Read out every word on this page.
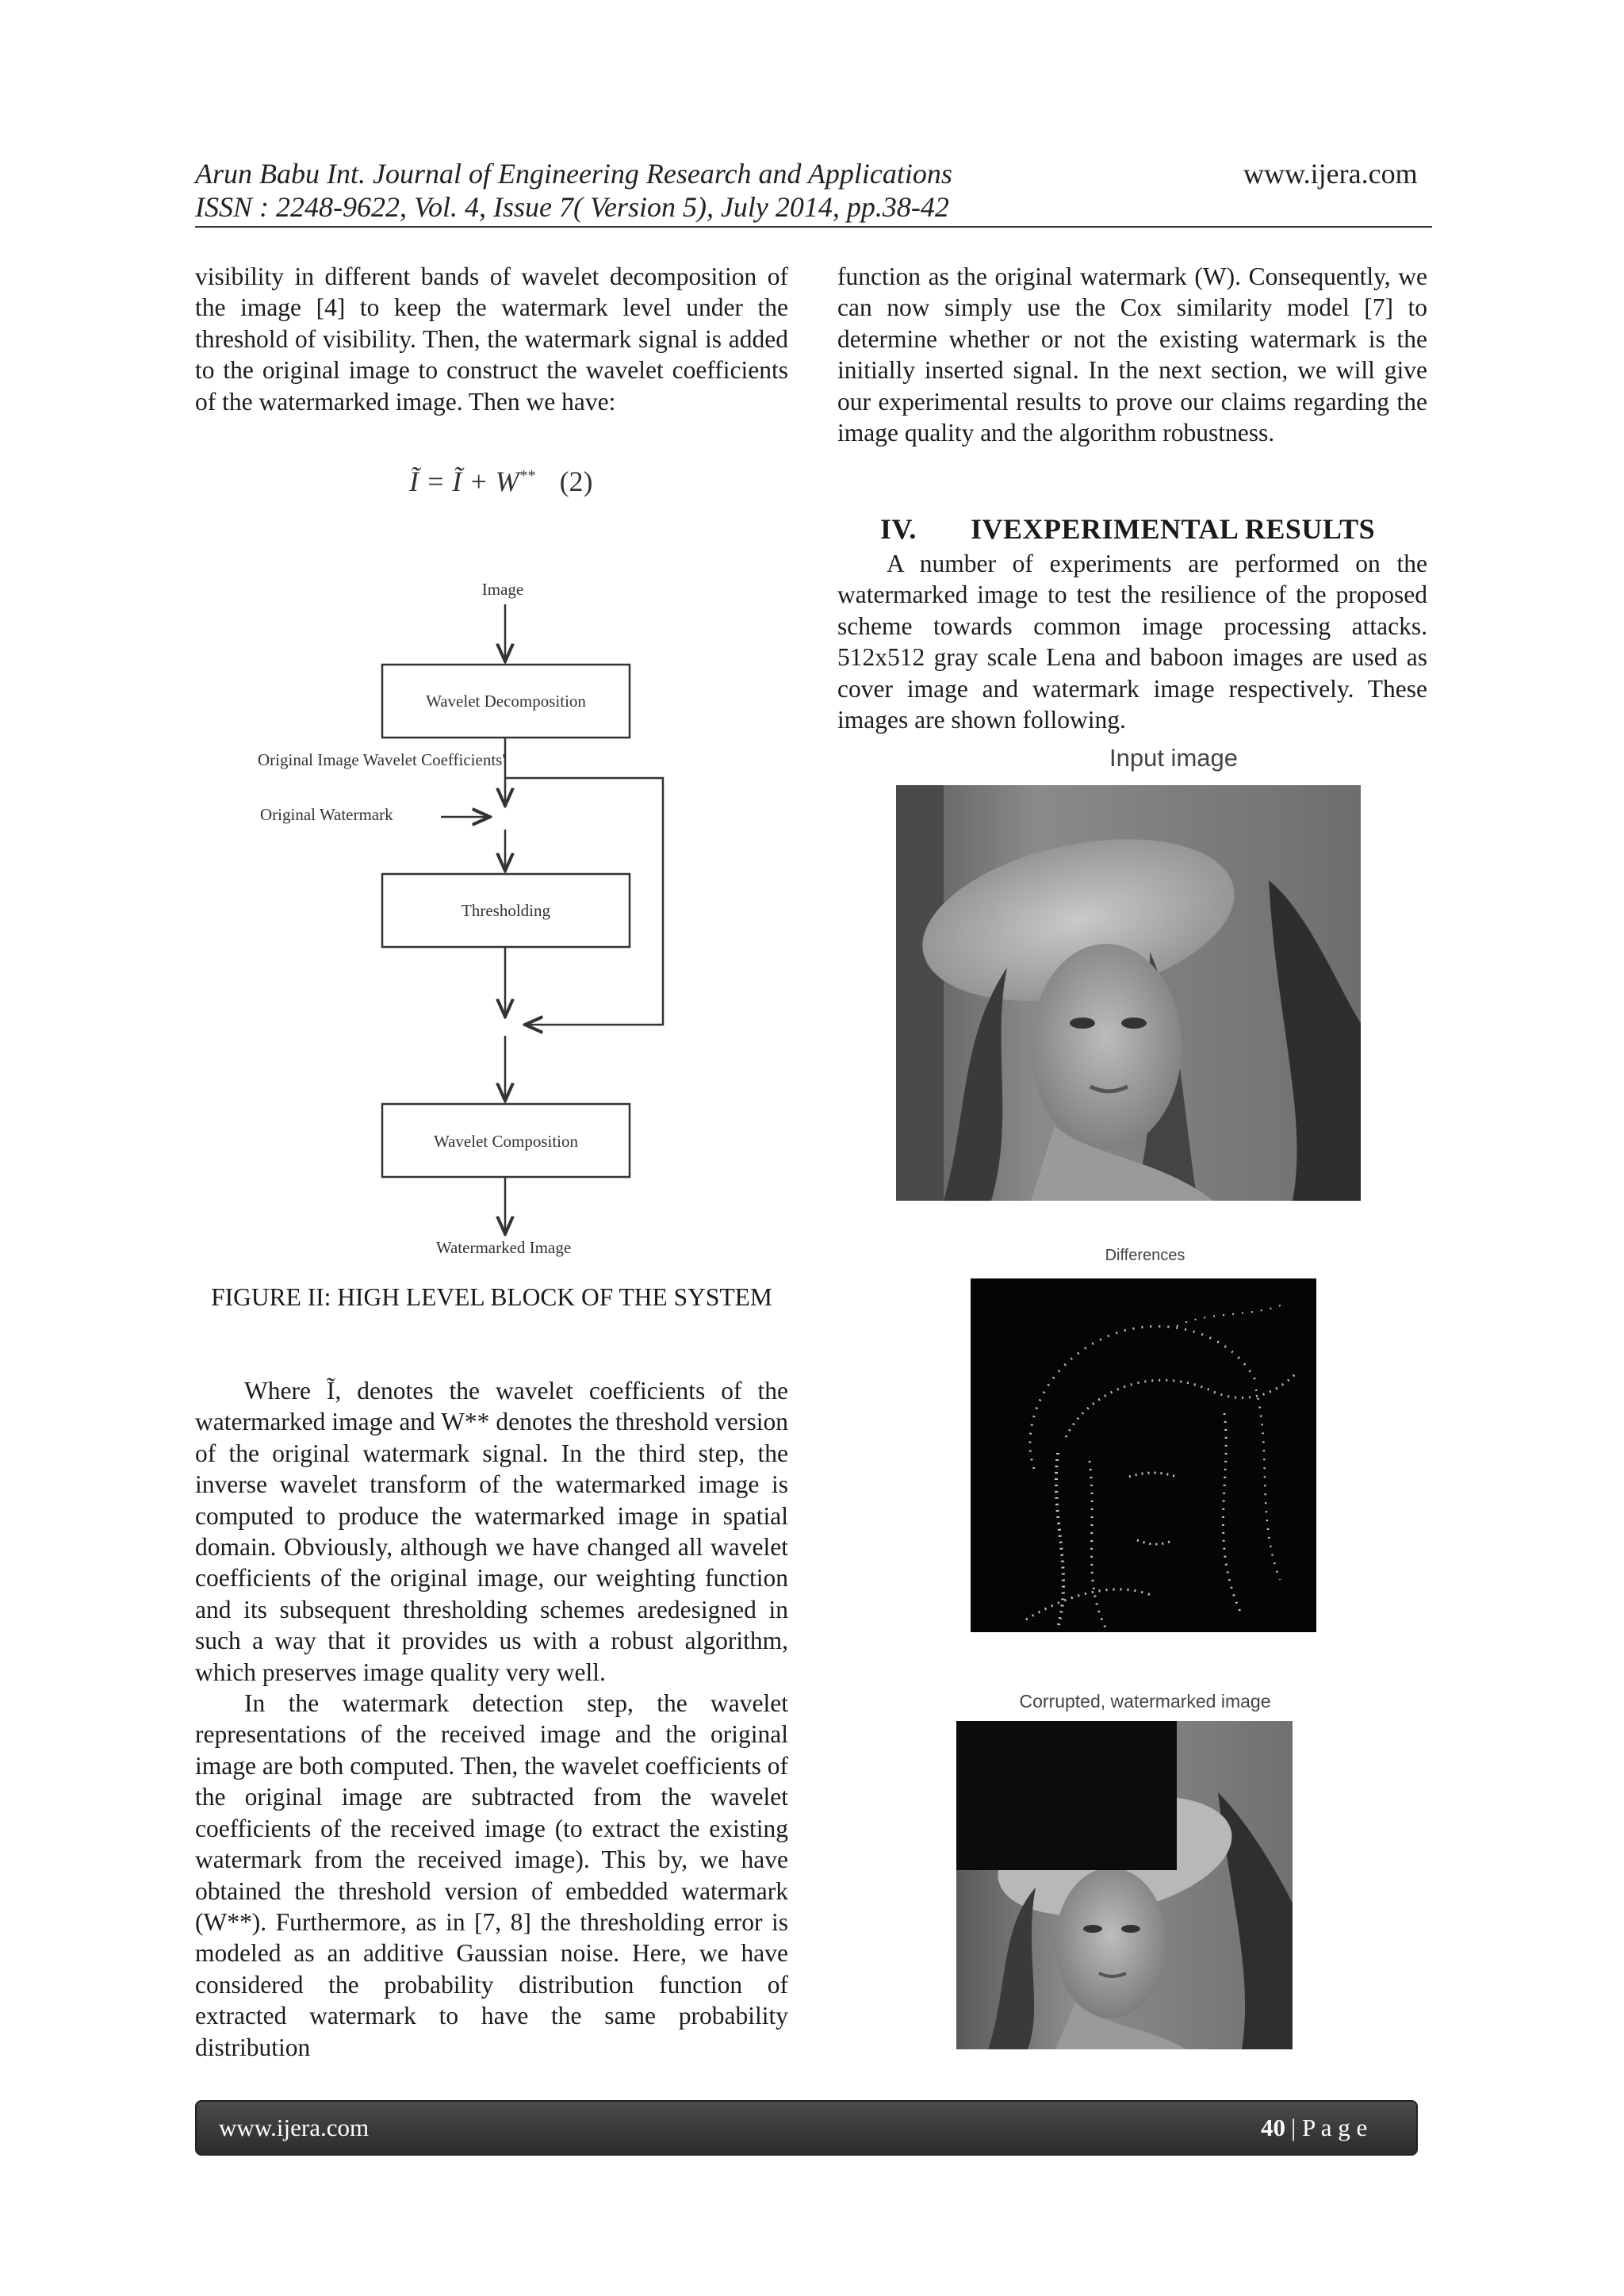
Arun Babu Int. Journal of Engineering Research and Applications	www.ijera.com
ISSN : 2248-9622, Vol. 4, Issue 7( Version 5), July 2014, pp.38-42

visibility in different bands of wavelet decomposition of the image [4] to keep the watermark level under the threshold of visibility. Then, the watermark signal is added to the original image to construct the wavelet coefficients of the watermarked image. Then we have:

Ĩ = Ĩ + W** (2)
Image
Wavelet Decomposition
Original Image Wavelet Coefficients'
Original Watermark
Thresholding
Wavelet Composition
Watermarked Image
FIGURE II: HIGH LEVEL BLOCK OF THE SYSTEM

Where Ĩ, denotes the wavelet coefficients of the watermarked image and W** denotes the threshold version of the original watermark signal. In the third step, the inverse wavelet transform of the watermarked image is computed to produce the watermarked image in spatial domain. Obviously, although we have changed all wavelet coefficients of the original image, our weighting function and its subsequent thresholding schemes aredesigned in such a way that it provides us with a robust algorithm, which preserves image quality very well.

In the watermark detection step, the wavelet representations of the received image and the original image are both computed. Then, the wavelet coefficients of the original image are subtracted from the wavelet coefficients of the received image (to extract the existing watermark from the received image). This by, we have obtained the threshold version of embedded watermark (W**). Furthermore, as in [7, 8] the thresholding error is modeled as an additive Gaussian noise. Here, we have considered the probability distribution function of extracted watermark to have the same probability distribution

function as the original watermark (W). Consequently, we can now simply use the Cox similarity model [7] to determine whether or not the existing watermark is the initially inserted signal. In the next section, we will give our experimental results to prove our claims regarding the image quality and the algorithm robustness.

IV. IVEXPERIMENTAL RESULTS

A number of experiments are performed on the watermarked image to test the resilience of the proposed scheme towards common image processing attacks. 512x512 gray scale Lena and baboon images are used as cover image and watermark image respectively. These images are shown following.

Input image
Differences
Corrupted, watermarked image
www.ijera.com	40 | P a g e
